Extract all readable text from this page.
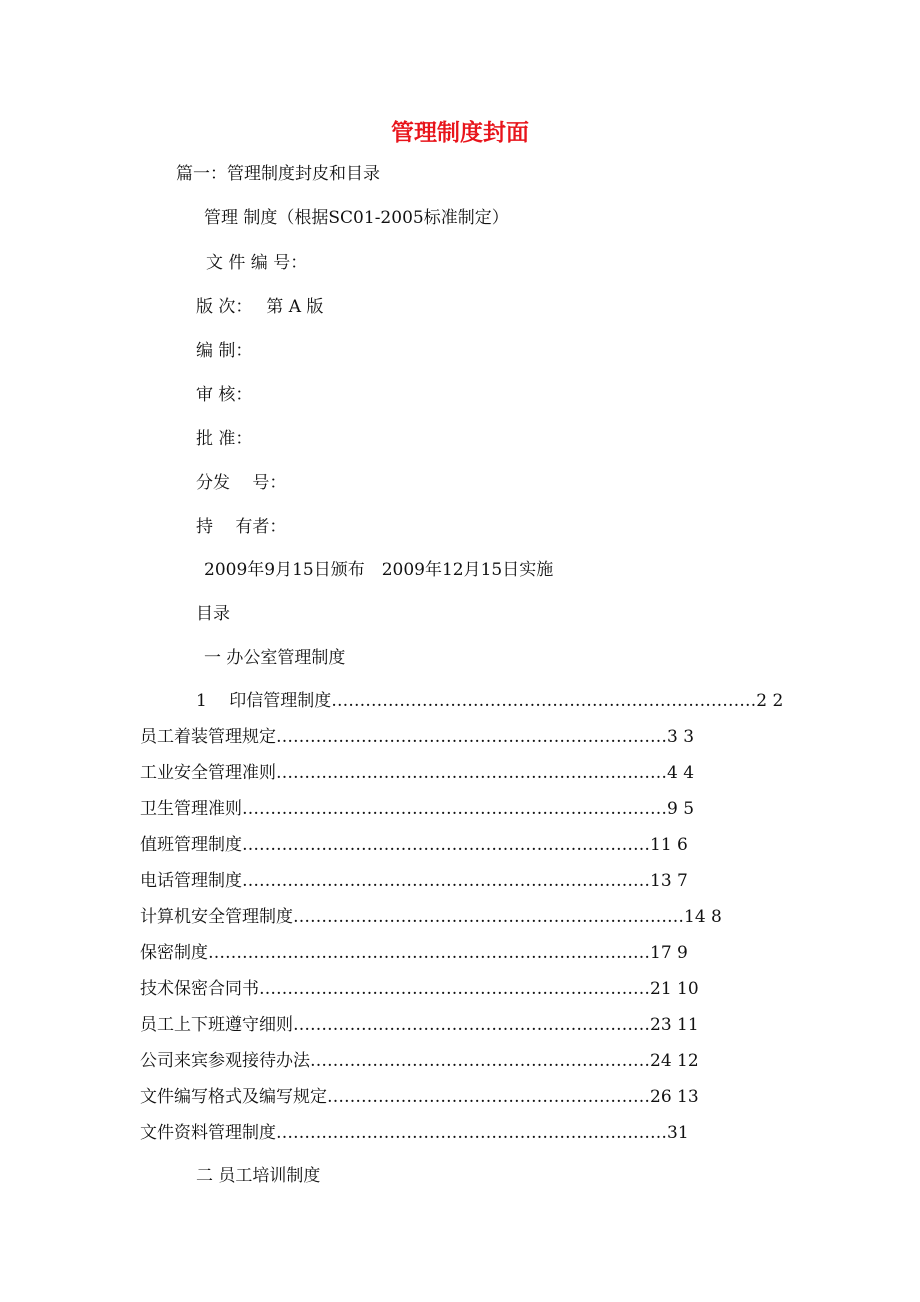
管理制度封面
篇一：管理制度封皮和目录
管理 制度（根据SC01-2005标准制定）
文 件 编 号：
版 次：　 第 A 版
编 制：
审 核：
批 准：
分发　 号：
持　 有者：
2009年9月15日颁布　2009年12月15日实施
目录
一 办公室管理制度
1　 印信管理制度…………………………………………………………………2 2
员工着装管理规定……………………………………………………………3 3
工业安全管理准则……………………………………………………………4 4
卫生管理准则…………………………………………………………………9 5
值班管理制度………………………………………………………………11 6
电话管理制度………………………………………………………………13 7
计算机安全管理制度……………………………………………………………14 8
保密制度……………………………………………………………………17 9
技术保密合同书……………………………………………………………21 10
员工上下班遵守细则………………………………………………………23 11
公司来宾参观接待办法……………………………………………………24 12
文件编写格式及编写规定…………………………………………………26 13
文件资料管理制度……………………………………………………………31
二 员工培训制度
